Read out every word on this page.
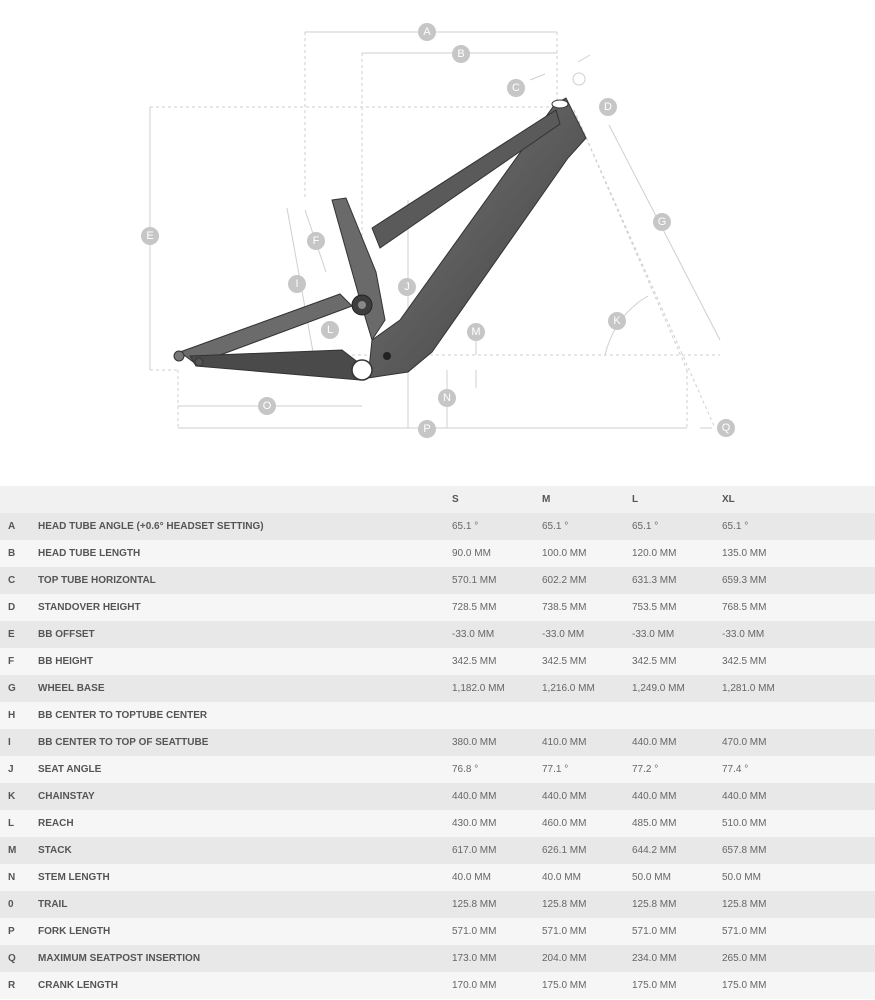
A
B
C
D
E	F
G
I	J
K
L	M
N
O
P	Q
		S	M	L	XL
A	HEAD TUBE ANGLE (+0.6° HEADSET SETTING)	65.1 °	65.1 °	65.1 °	65.1 °
B	HEAD TUBE LENGTH	90.0 MM	100.0 MM	120.0 MM	135.0 MM
C	TOP TUBE HORIZONTAL	570.1 MM	602.2 MM	631.3 MM	659.3 MM
D	STANDOVER HEIGHT	728.5 MM	738.5 MM	753.5 MM	768.5 MM
E	BB OFFSET	-33.0 MM	-33.0 MM	-33.0 MM	-33.0 MM
F	BB HEIGHT	342.5 MM	342.5 MM	342.5 MM	342.5 MM
G	WHEEL BASE	1,182.0 MM	1,216.0 MM	1,249.0 MM	1,281.0 MM
H	BB CENTER TO TOPTUBE CENTER				
I	BB CENTER TO TOP OF SEATTUBE	380.0 MM	410.0 MM	440.0 MM	470.0 MM
J	SEAT ANGLE	76.8 °	77.1 °	77.2 °	77.4 °
K	CHAINSTAY	440.0 MM	440.0 MM	440.0 MM	440.0 MM
L	REACH	430.0 MM	460.0 MM	485.0 MM	510.0 MM
M	STACK	617.0 MM	626.1 MM	644.2 MM	657.8 MM
N	STEM LENGTH	40.0 MM	40.0 MM	50.0 MM	50.0 MM
0	TRAIL	125.8 MM	125.8 MM	125.8 MM	125.8 MM
P	FORK LENGTH	571.0 MM	571.0 MM	571.0 MM	571.0 MM
Q	MAXIMUM SEATPOST INSERTION	173.0 MM	204.0 MM	234.0 MM	265.0 MM
R	CRANK LENGTH	170.0 MM	175.0 MM	175.0 MM	175.0 MM
